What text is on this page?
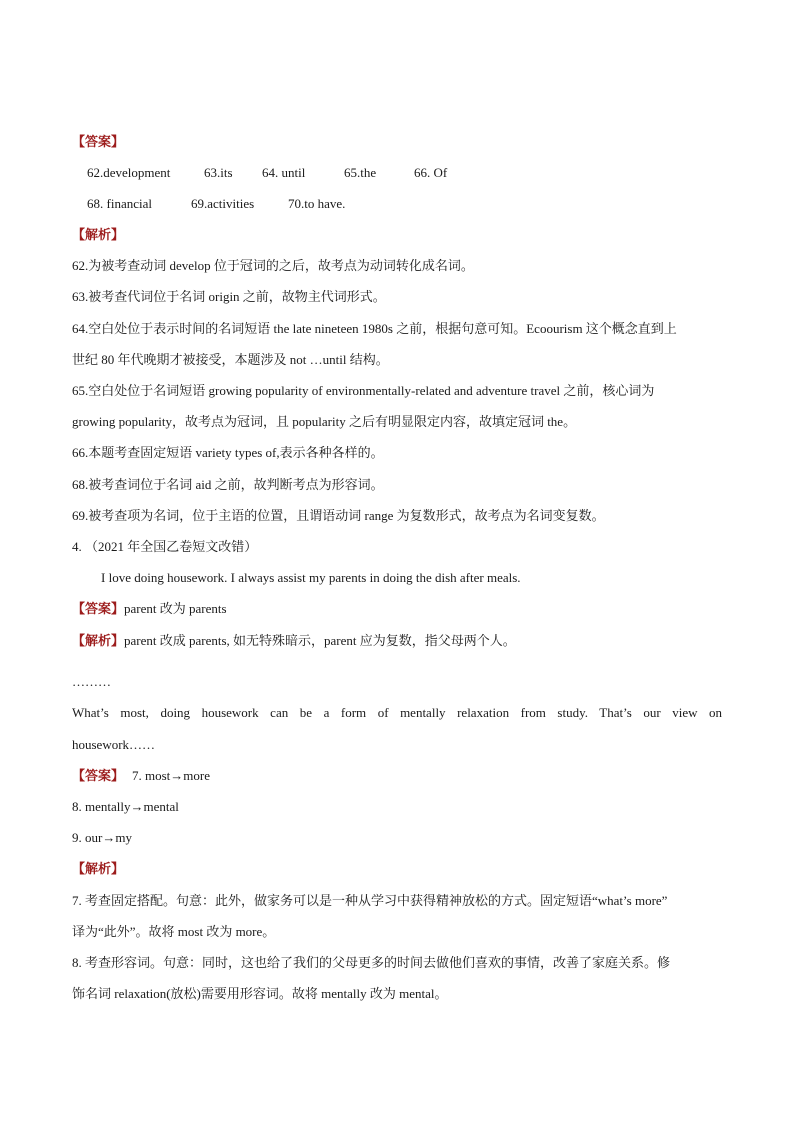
【答案】
62.development	63.its 64. until	65.the	66. Of
68. financial	69.activities	70.to have.
【解析】
62.为被考查动词 develop 位于冠词的之后，故考点为动词转化成名词。
63.被考查代词位于名词 origin 之前，故物主代词形式。
64.空白处位于表示时间的名词短语 the late nineteen 1980s 之前，根据句意可知。Ecoourism 这个概念直到上
世纪 80 年代晚期才被接受，本题涉及 not …until 结构。
65.空白处位于名词短语 growing popularity of environmentally-related and adventure travel 之前，核心词为
growing popularity，故考点为冠词，且 popularity 之后有明显限定内容，故填定冠词 the。
66.本题考查固定短语 variety types of,表示各种各样的。
68.被考查词位于名词 aid 之前，故判断考点为形容词。
69.被考查项为名词，位于主语的位置，且谓语动词 range 为复数形式，故考点为名词变复数。
4. （2021 年全国乙卷短文改错）
I love doing housework. I always assist my parents in doing the dish after meals.
【答案】parent 改为 parents
【解析】parent 改成 parents, 如无特殊暗示，parent 应为复数，指父母两个人。
………
What’s most, doing housework can be a form of mentally relaxation from study. That’s our view on
housework……
【答案】 7. most→more
8. mentally→mental
9. our→my
【解析】
7. 考查固定搭配。句意：此外，做家务可以是一种从学习中获得精神放松的方式。固定短语“what’s more”
译为“此外”。故将 most 改为 more。
8. 考查形容词。句意：同时，这也给了我们的父母更多的时间去做他们喜欢的事情，改善了家庭关系。修
饰名词 relaxation(放松)需要用形容词。故将 mentally 改为 mental。
